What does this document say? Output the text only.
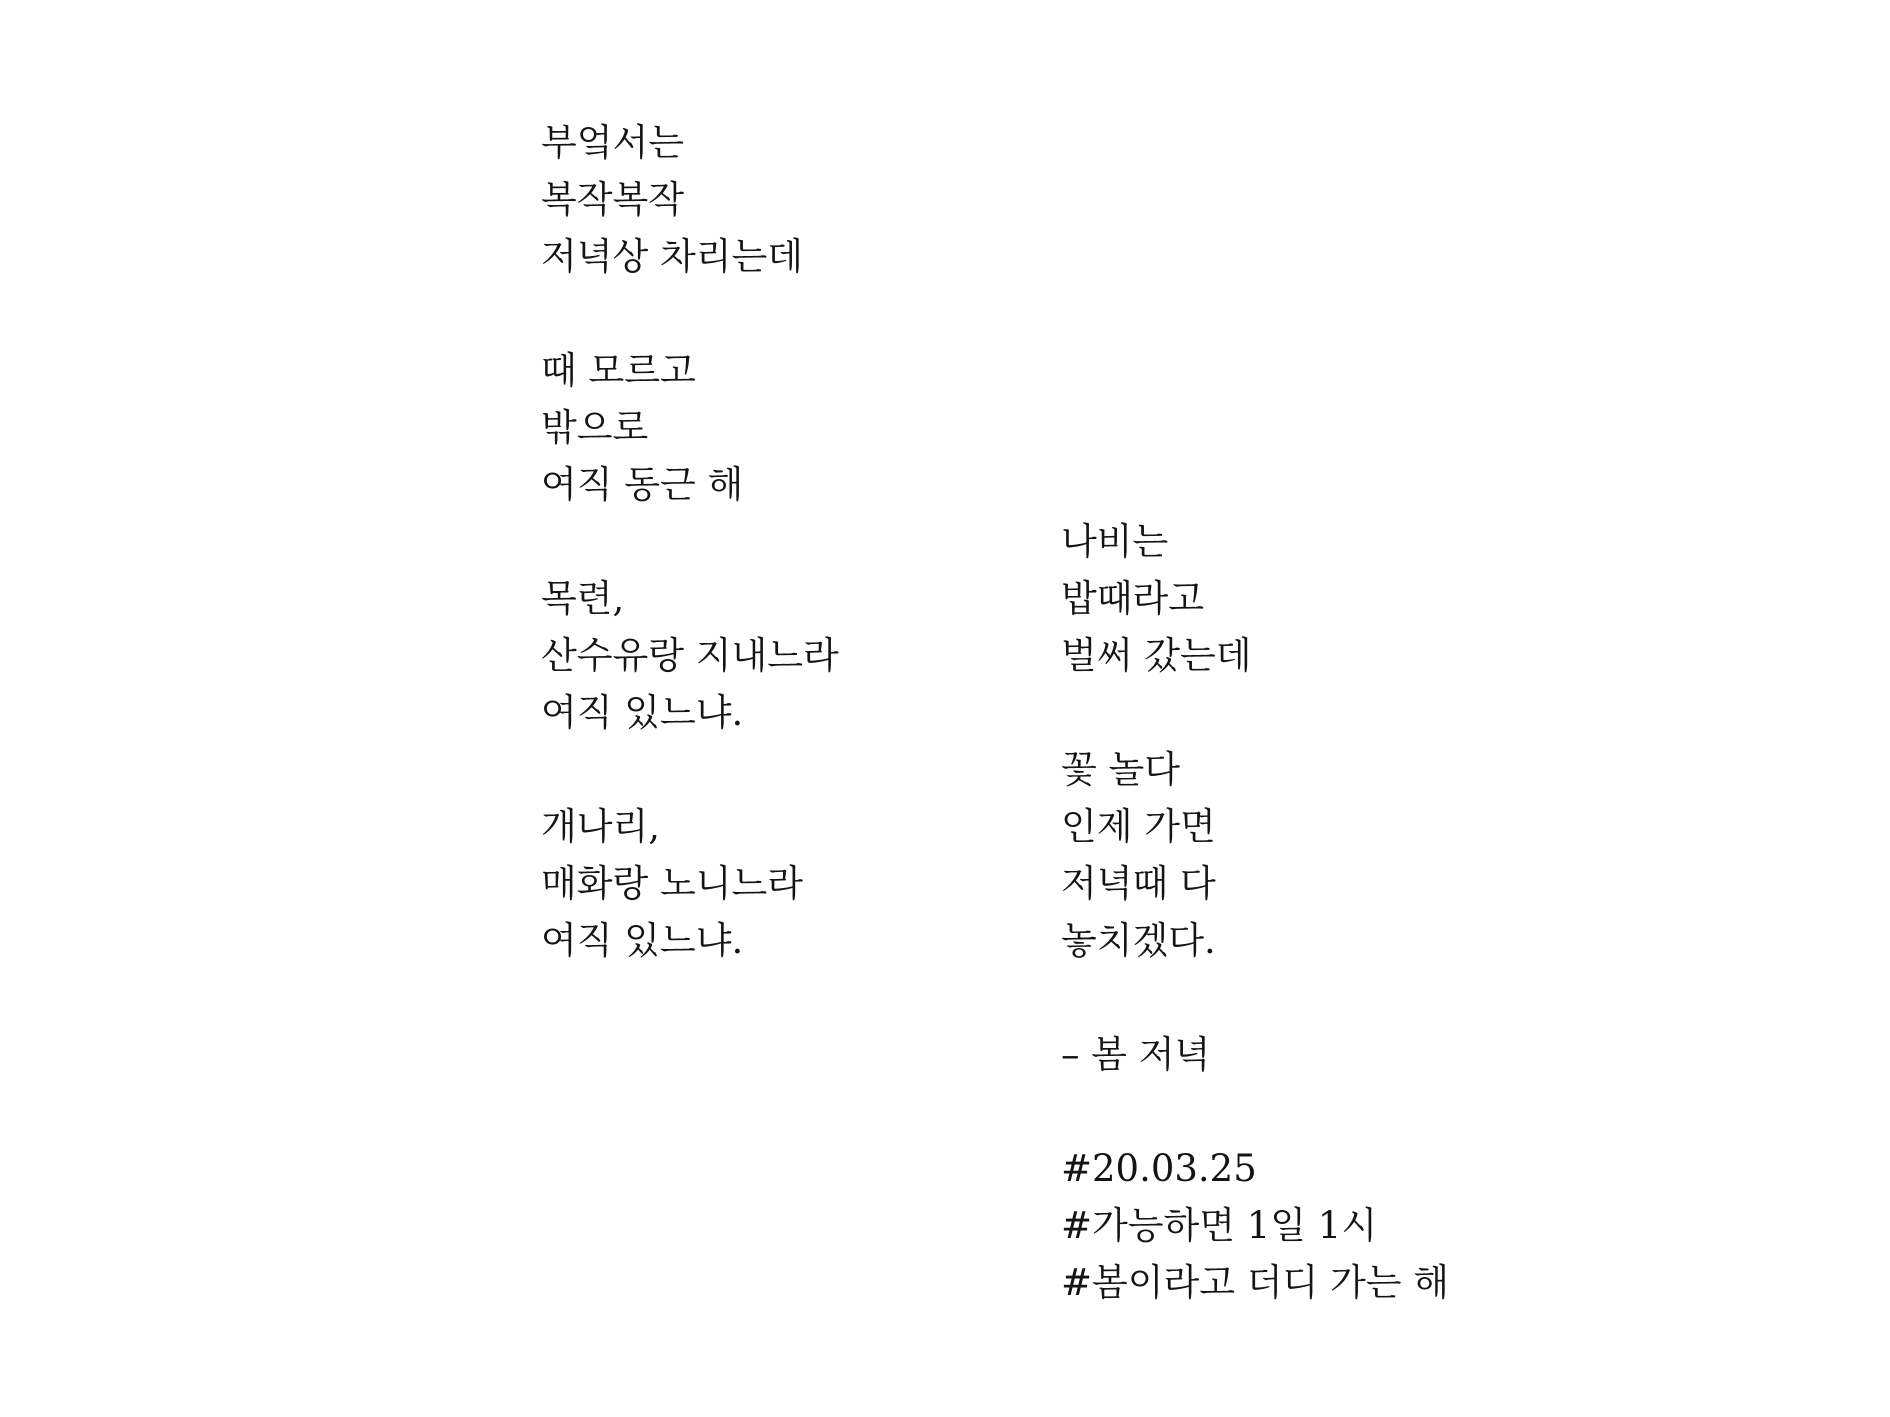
부엌서는
복작복작
저녁상 차리는데
때 모르고
밖으로
여직 동근 해
목련,
산수유랑 지내느라
여직 있느냐.
개나리,
매화랑 노니느라
여직 있느냐.
나비는
밥때라고
벌써 갔는데
꽃 놀다
인제 가면
저녁때 다
놓치겠다.
– 봄 저녁
#20.03.25
#가능하면 1일 1시
#봄이라고 더디 가는 해
